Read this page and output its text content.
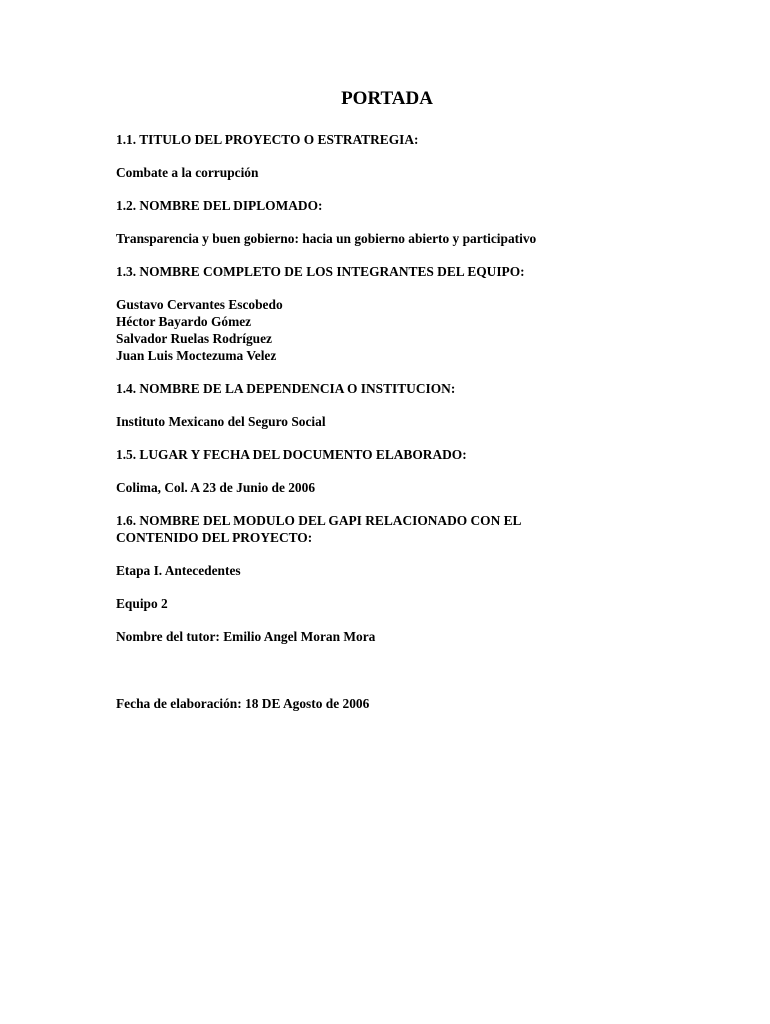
PORTADA

1.1. TITULO DEL PROYECTO O ESTRATREGIA:

Combate a la corrupción

1.2. NOMBRE DEL DIPLOMADO:

Transparencia y buen gobierno: hacia un gobierno abierto y participativo

1.3. NOMBRE COMPLETO DE LOS INTEGRANTES DEL EQUIPO:

Gustavo Cervantes Escobedo

Héctor Bayardo Gómez

Salvador Ruelas Rodríguez

Juan Luis Moctezuma Velez

1.4. NOMBRE DE LA DEPENDENCIA O INSTITUCION:

Instituto Mexicano del Seguro Social

1.5. LUGAR Y FECHA DEL DOCUMENTO ELABORADO:

Colima, Col. A 23 de Junio de 2006

1.6. NOMBRE DEL MODULO DEL GAPI RELACIONADO CON EL

CONTENIDO DEL PROYECTO:

Etapa I. Antecedentes

Equipo 2

Nombre del tutor: Emilio Angel Moran Mora

Fecha de elaboración: 18 DE Agosto de 2006
